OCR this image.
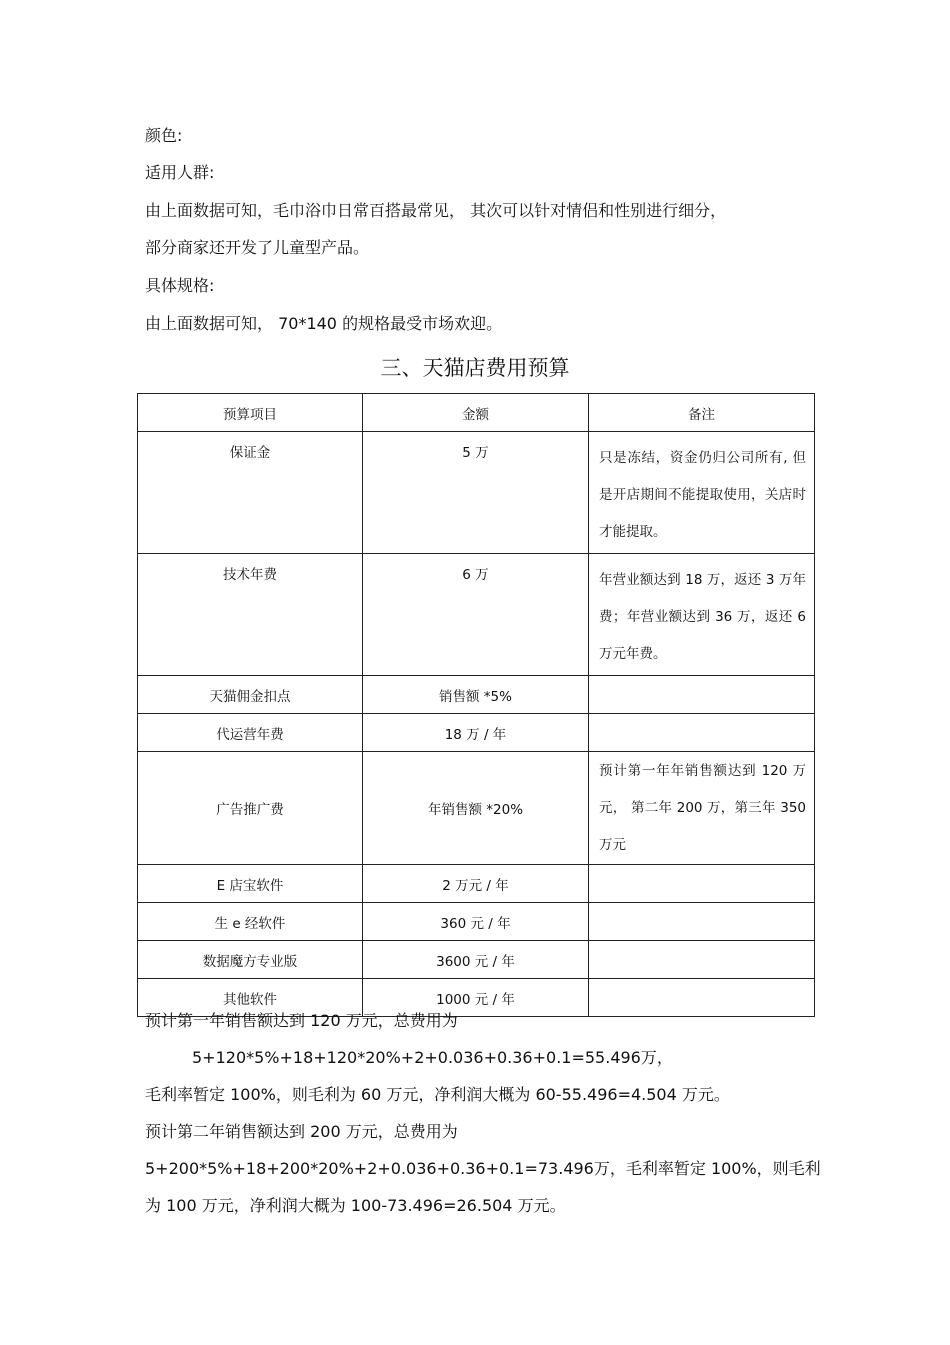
颜色:
适用人群:
由上面数据可知，毛巾浴巾日常百搭最常见， 其次可以针对情侣和性别进行细分，
部分商家还开发了儿童型产品。
具体规格:
由上面数据可知， 70*140 的规格最受市场欢迎。
三、天猫店费用预算
预算项目	金额	备注
保证金	5 万	只是冻结，资金仍归公司所有, 但是开店期间不能提取使用，关店时才能提取。
技术年费	6 万	年营业额达到 18 万，返还 3 万年费；年营业额达到 36 万，返还 6 万元年费。
天猫佣金扣点	销售额 *5%	
代运营年费	18 万 / 年	
广告推广费	年销售额 *20%	预计第一年年销售额达到 120 万元， 第二年 200 万，第三年 350 万元
E 店宝软件	2 万元 / 年	
生 e 经软件	360 元 / 年	
数据魔方专业版	3600 元 / 年	
其他软件	1000 元 / 年	
预计第一年销售额达到 120 万元，总费用为
5+120*5%+18+120*20%+2+0.036+0.36+0.1=55.496万，
毛利率暂定 100%，则毛利为 60 万元，净利润大概为 60-55.496=4.504 万元。
预计第二年销售额达到 200 万元，总费用为
5+200*5%+18+200*20%+2+0.036+0.36+0.1=73.496万，毛利率暂定 100%，则毛利
为 100 万元，净利润大概为 100-73.496=26.504 万元。
